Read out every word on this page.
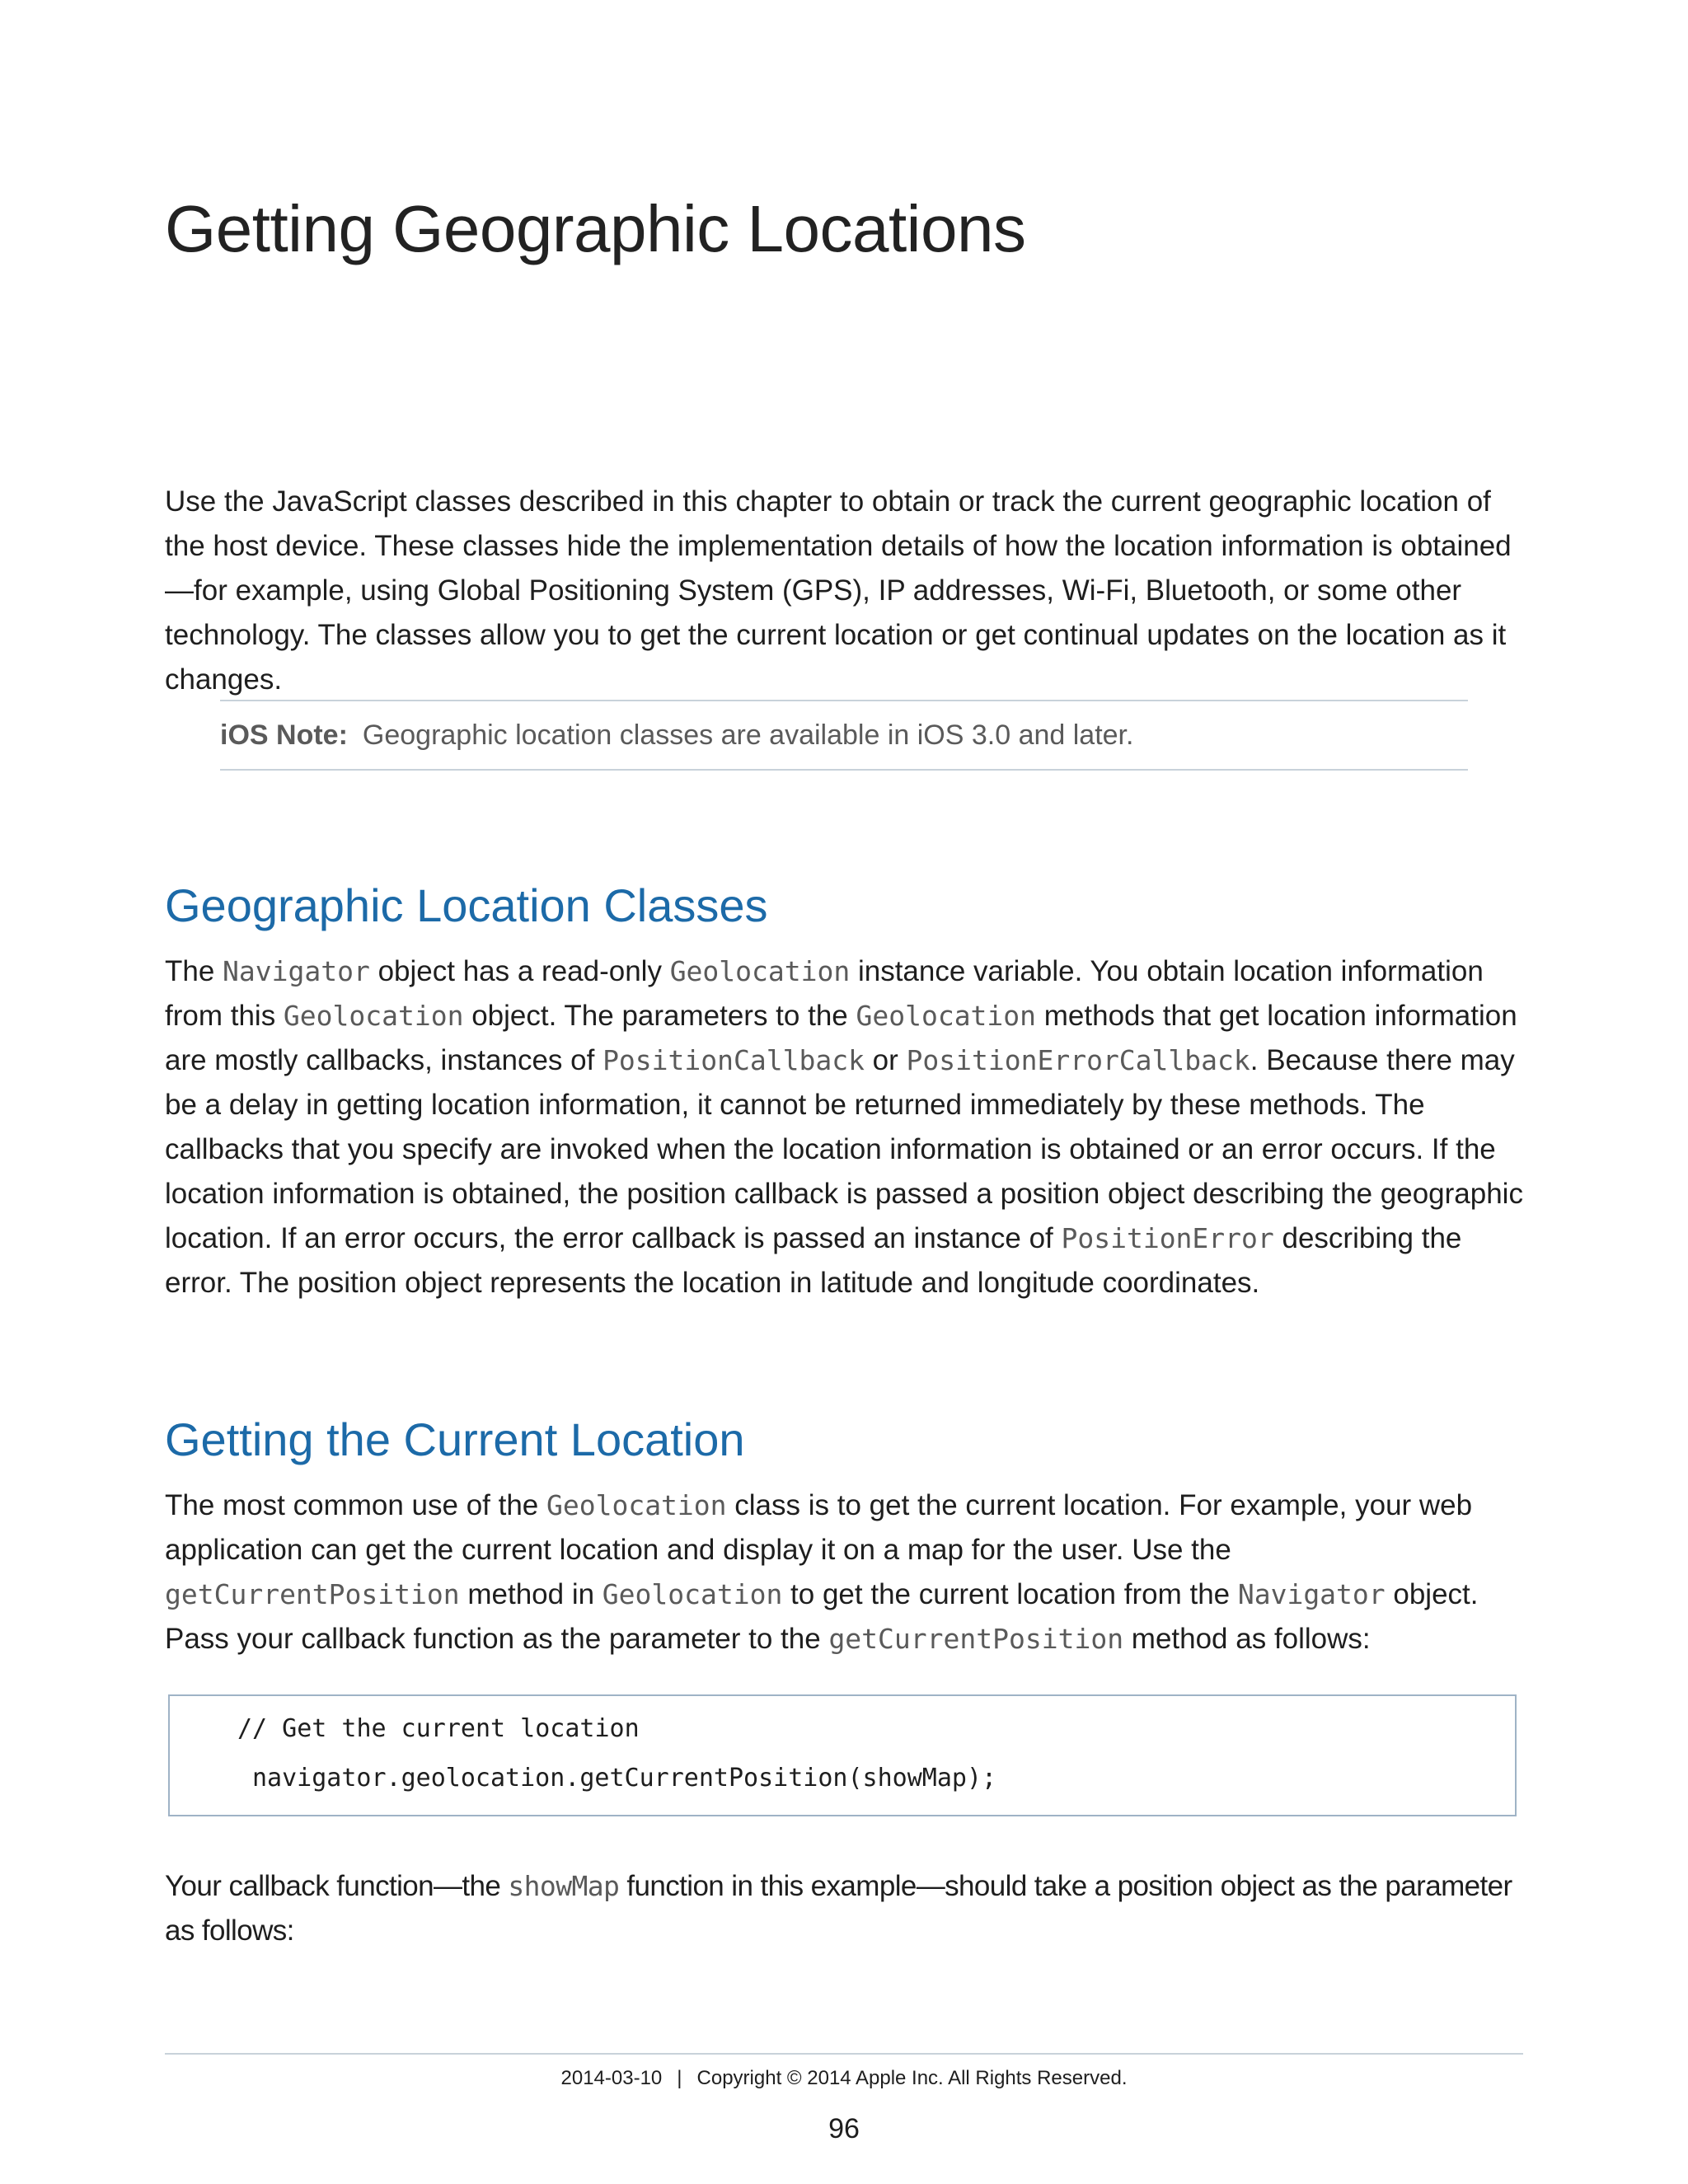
Getting Geographic Locations

Use the JavaScript classes described in this chapter to obtain or track the current geographic location of the host device. These classes hide the implementation details of how the location information is obtained—for example, using Global Positioning System (GPS), IP addresses, Wi-Fi, Bluetooth, or some other technology. The classes allow you to get the current location or get continual updates on the location as it changes.

iOS Note: Geographic location classes are available in iOS 3.0 and later.
Geographic Location Classes

The Navigator object has a read-only Geolocation instance variable. You obtain location information from this Geolocation object. The parameters to the Geolocation methods that get location information are mostly callbacks, instances of PositionCallback or PositionErrorCallback. Because there may be a delay in getting location information, it cannot be returned immediately by these methods. The callbacks that you specify are invoked when the location information is obtained or an error occurs. If the location information is obtained, the position callback is passed a position object describing the geographic location. If an error occurs, the error callback is passed an instance of PositionError describing the error. The position object represents the location in latitude and longitude coordinates.

Getting the Current Location

The most common use of the Geolocation class is to get the current location. For example, your web application can get the current location and display it on a map for the user. Use the getCurrentPosition method in Geolocation to get the current location from the Navigator object. Pass your callback function as the parameter to the getCurrentPosition method as follows:

// Get the current location
navigator.geolocation.getCurrentPosition(showMap);

Your callback function—the showMap function in this example—should take a position object as the parameter as follows:

2014-03-10 | Copyright © 2014 Apple Inc. All Rights Reserved.
96
